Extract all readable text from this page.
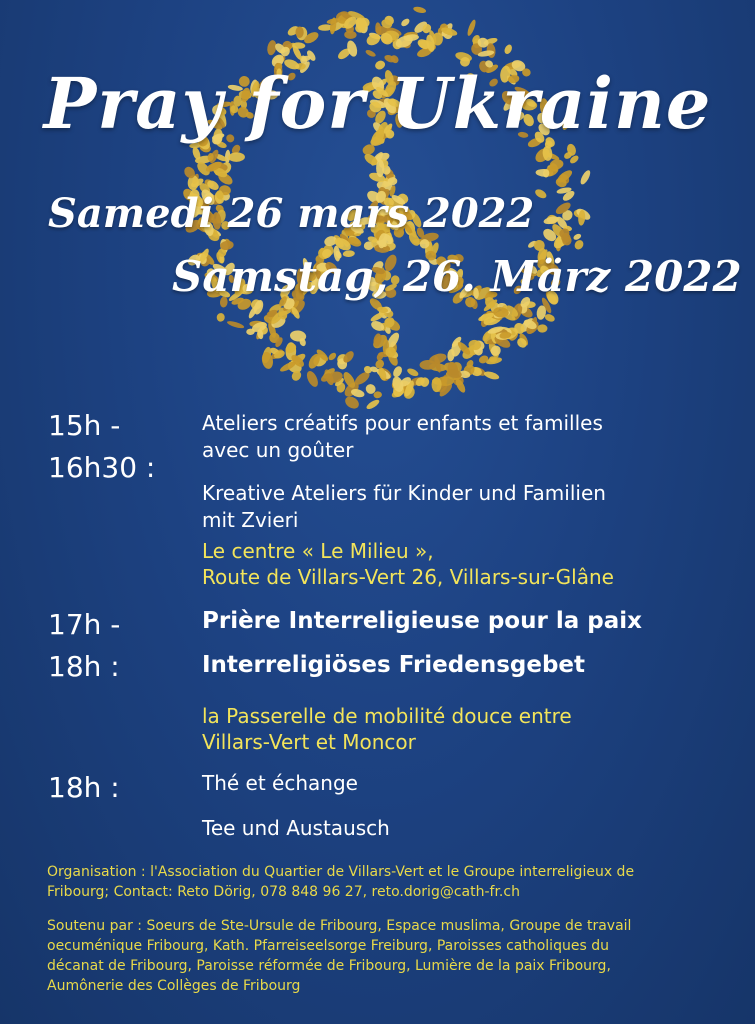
Pray for Ukraine
Samedi 26 mars 2022
Samstag, 26. März 2022
15h -
16h30 :
Ateliers créatifs pour enfants et familles
avec un goûter
Kreative Ateliers für Kinder und Familien
mit Zvieri
Le centre « Le Milieu »,
Route de Villars-Vert 26, Villars-sur-Glâne
17h -
18h :
Prière Interreligieuse pour la paix
Interreligiöses Friedensgebet
la Passerelle de mobilité douce entre
Villars-Vert et Moncor
18h :	Thé et échange
Tee und Austausch
Organisation : l'Association du Quartier de Villars-Vert et le Groupe interreligieux de
Fribourg; Contact: Reto Dörig, 078 848 96 27, reto.dorig@cath-fr.ch
Soutenu par : Soeurs de Ste-Ursule de Fribourg, Espace muslima, Groupe de travail
oecuménique Fribourg, Kath. Pfarreiseelsorge Freiburg, Paroisses catholiques du
décanat de Fribourg, Paroisse réformée de Fribourg, Lumière de la paix Fribourg,
Aumônerie des Collèges de Fribourg
